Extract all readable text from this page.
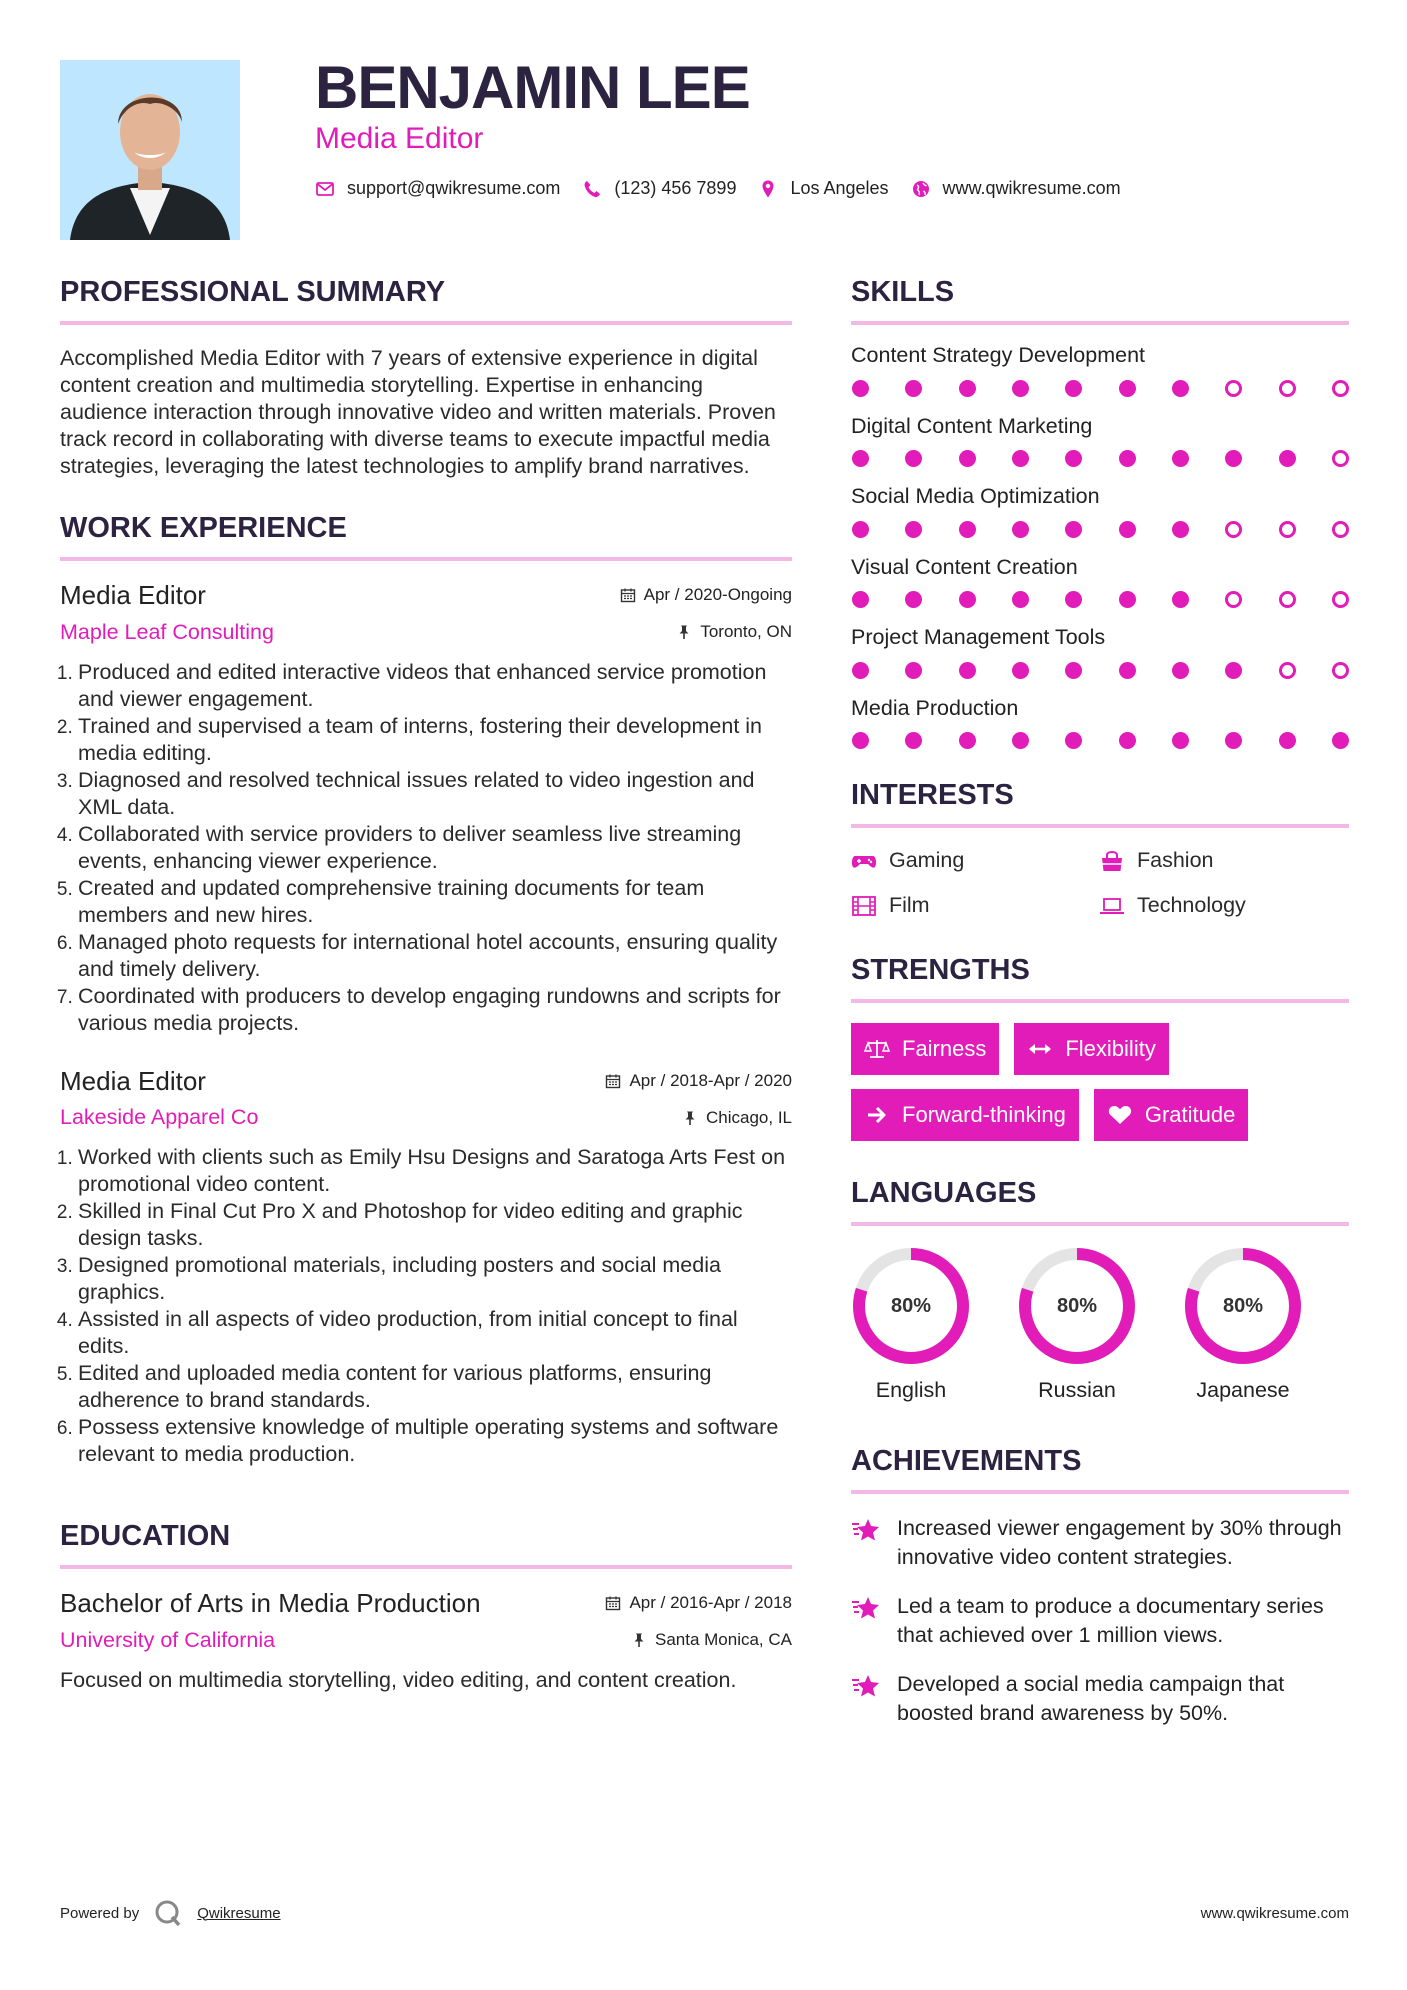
BENJAMIN LEE
Media Editor
support@qwikresume.com	(123) 456 7899	Los Angeles	www.qwikresume.com
PROFESSIONAL SUMMARY

Accomplished Media Editor with 7 years of extensive experience in digital content creation and multimedia storytelling. Expertise in enhancing audience interaction through innovative video and written materials. Proven track record in collaborating with diverse teams to execute impactful media strategies, leveraging the latest technologies to amplify brand narratives.

WORK EXPERIENCE
Media Editor	Apr / 2020-Ongoing
Maple Leaf Consulting	Toronto, ON
1. Produced and edited interactive videos that enhanced service promotion and viewer engagement.
2. Trained and supervised a team of interns, fostering their development in media editing.
3. Diagnosed and resolved technical issues related to video ingestion and XML data.
4. Collaborated with service providers to deliver seamless live streaming events, enhancing viewer experience.
5. Created and updated comprehensive training documents for team members and new hires.
6. Managed photo requests for international hotel accounts, ensuring quality and timely delivery.
7. Coordinated with producers to develop engaging rundowns and scripts for various media projects.
Media Editor	Apr / 2018-Apr / 2020
Lakeside Apparel Co	Chicago, IL
1. Worked with clients such as Emily Hsu Designs and Saratoga Arts Fest on promotional video content.
2. Skilled in Final Cut Pro X and Photoshop for video editing and graphic design tasks.
3. Designed promotional materials, including posters and social media graphics.
4. Assisted in all aspects of video production, from initial concept to final edits.
5. Edited and uploaded media content for various platforms, ensuring adherence to brand standards.
6. Possess extensive knowledge of multiple operating systems and software relevant to media production.
EDUCATION
Bachelor of Arts in Media Production	Apr / 2016-Apr / 2018
University of California	Santa Monica, CA

Focused on multimedia storytelling, video editing, and content creation.

SKILLS
Content Strategy Development
Digital Content Marketing
Social Media Optimization
Visual Content Creation
Project Management Tools
Media Production
INTERESTS
Gaming	Fashion
Film	Technology
STRENGTHS
Fairness	Flexibility
Forward-thinking	Gratitude
LANGUAGES
80%
English
80%
Russian
80%
Japanese
ACHIEVEMENTS
Increased viewer engagement by 30% through innovative video content strategies.
Led a team to produce a documentary series that achieved over 1 million views.
Developed a social media campaign that boosted brand awareness by 50%.
Powered by	Qwikresume	www.qwikresume.com
